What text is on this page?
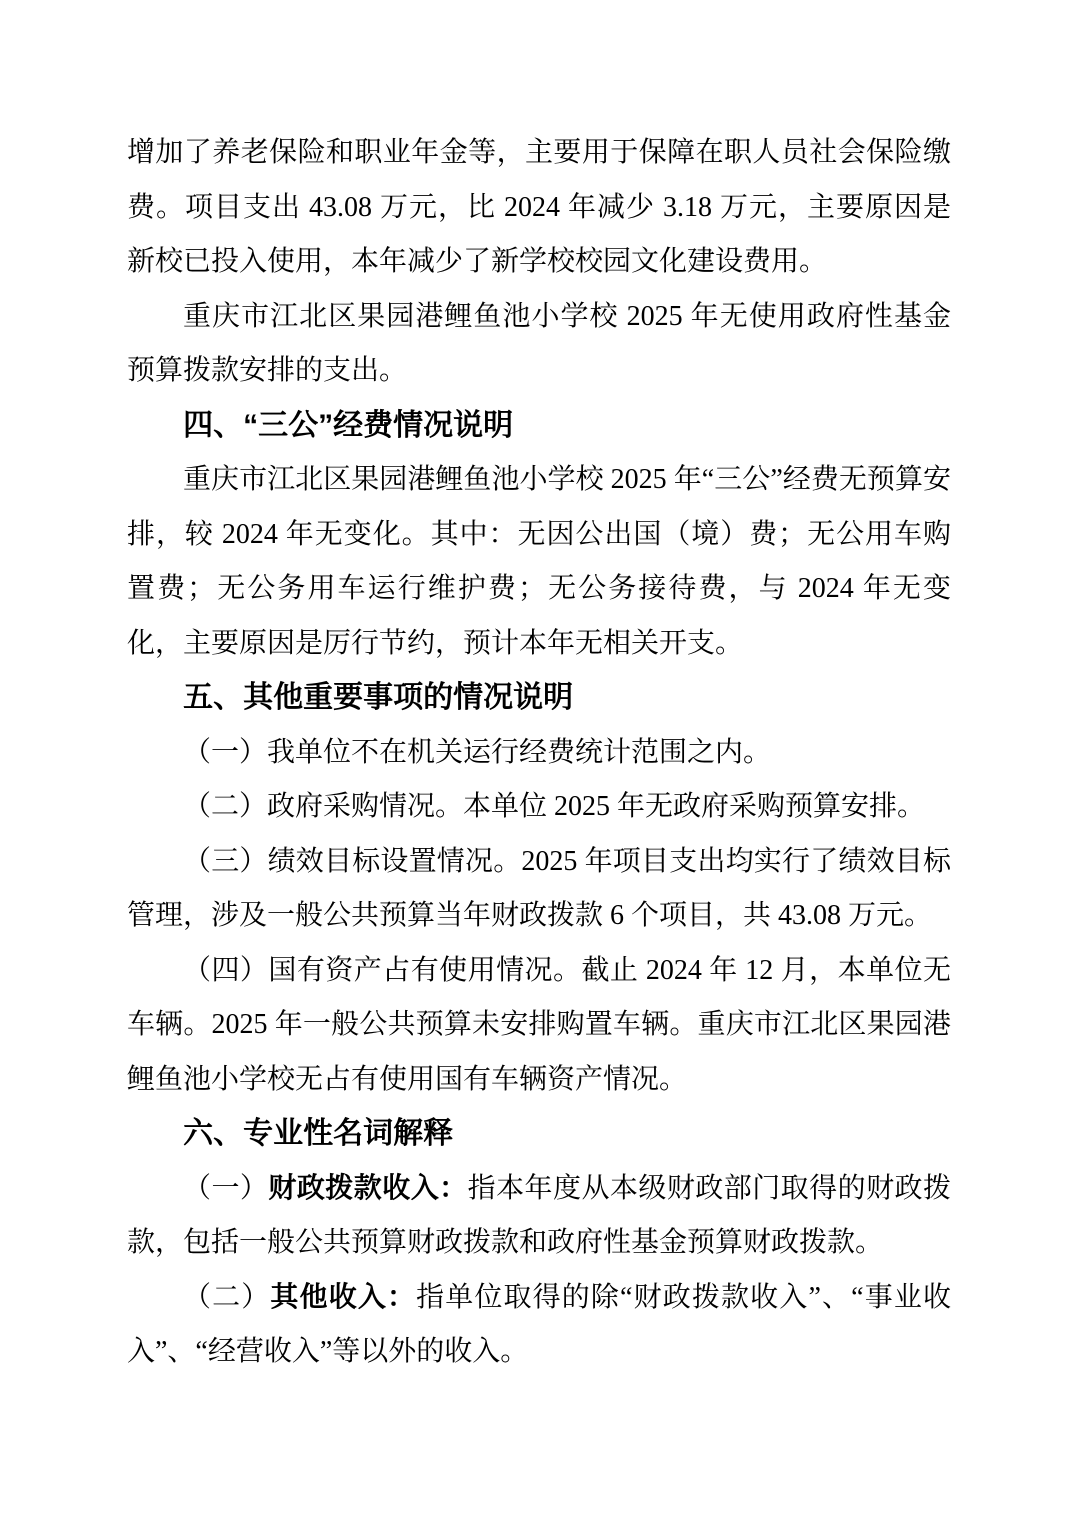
增加了养老保险和职业年金等，主要用于保障在职人员社会保险缴费。项目支出 43.08 万元，比 2024 年减少 3.18 万元，主要原因是新校已投入使用，本年减少了新学校校园文化建设费用。

重庆市江北区果园港鲤鱼池小学校 2025 年无使用政府性基金预算拨款安排的支出。

四、“三公”经费情况说明

重庆市江北区果园港鲤鱼池小学校 2025 年“三公”经费无预算安排，较 2024 年无变化。其中：无因公出国（境）费；无公用车购置费；无公务用车运行维护费；无公务接待费，与 2024 年无变化，主要原因是厉行节约，预计本年无相关开支。

五、其他重要事项的情况说明

（一）我单位不在机关运行经费统计范围之内。

（二）政府采购情况。本单位 2025 年无政府采购预算安排。

（三）绩效目标设置情况。2025 年项目支出均实行了绩效目标管理，涉及一般公共预算当年财政拨款 6 个项目，共 43.08 万元。

（四）国有资产占有使用情况。截止 2024 年 12 月，本单位无车辆。2025 年一般公共预算未安排购置车辆。重庆市江北区果园港鲤鱼池小学校无占有使用国有车辆资产情况。

六、专业性名词解释

（一）财政拨款收入：指本年度从本级财政部门取得的财政拨款，包括一般公共预算财政拨款和政府性基金预算财政拨款。

（二）其他收入：指单位取得的除“财政拨款收入”、“事业收入”、“经营收入”等以外的收入。
